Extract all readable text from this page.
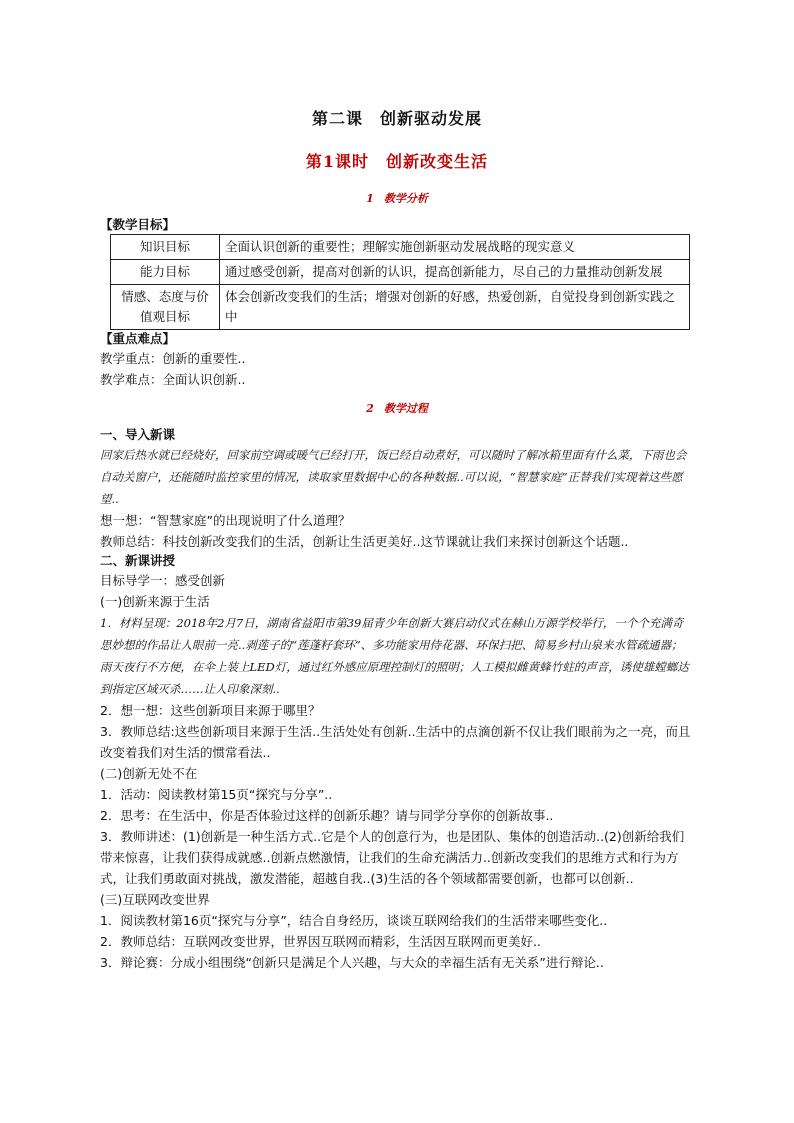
第二课　创新驱动发展
第1课时　创新改变生活
1 教学分析
【教学目标】
知识目标	全面认识创新的重要性；理解实施创新驱动发展战略的现实意义
能力目标	通过感受创新，提高对创新的认识，提高创新能力，尽自己的力量推动创新发展
情感、态度与价值观目标	体会创新改变我们的生活；增强对创新的好感，热爱创新，自觉投身到创新实践之中
【重点难点】
教学重点：创新的重要性..
教学难点：全面认识创新..
2 教学过程
一、导入新课
回家后热水就已经烧好，回家前空调或暖气已经打开，饭已经自动煮好，可以随时了解冰箱里面有什么菜，下雨也会自动关窗户，还能随时监控家里的情况，读取家里数据中心的各种数据..可以说，“智慧家庭”正替我们实现着这些愿望..
想一想：“智慧家庭”的出现说明了什么道理？
教师总结：科技创新改变我们的生活，创新让生活更美好..这节课就让我们来探讨创新这个话题..
二、新课讲授
目标导学一：感受创新
(一)创新来源于生活
1．材料呈现：2018年2月7日，湖南省益阳市第39届青少年创新大赛启动仪式在赫山万源学校举行，一个个充满奇思妙想的作品让人眼前一亮..剥莲子的“莲蓬籽套环”、多功能家用侍花器、环保扫把、简易乡村山泉来水管疏通器；雨天夜行不方便，在伞上装上LED灯，通过红外感应原理控制灯的照明；人工模拟雌黄蜂竹蛀的声音，诱使雄螳螂达到指定区域灭杀……让人印象深刻..
2．想一想：这些创新项目来源于哪里？
3．教师总结:这些创新项目来源于生活..生活处处有创新..生活中的点滴创新不仅让我们眼前为之一亮，而且改变着我们对生活的惯常看法..
(二)创新无处不在
1．活动：阅读教材第15页“探究与分享”..
2．思考：在生活中，你是否体验过这样的创新乐趣？请与同学分享你的创新故事..
3．教师讲述：(1)创新是一种生活方式..它是个人的创意行为，也是团队、集体的创造活动..(2)创新给我们带来惊喜，让我们获得成就感..创新点燃激情，让我们的生命充满活力..创新改变我们的思维方式和行为方式，让我们勇敢面对挑战，激发潜能，超越自我..(3)生活的各个领域都需要创新，也都可以创新..
(三)互联网改变世界
1．阅读教材第16页“探究与分享”，结合自身经历，谈谈互联网给我们的生活带来哪些变化..
2．教师总结：互联网改变世界，世界因互联网而精彩，生活因互联网而更美好..
3．辩论赛：分成小组围绕“创新只是满足个人兴趣，与大众的幸福生活有无关系”进行辩论..
